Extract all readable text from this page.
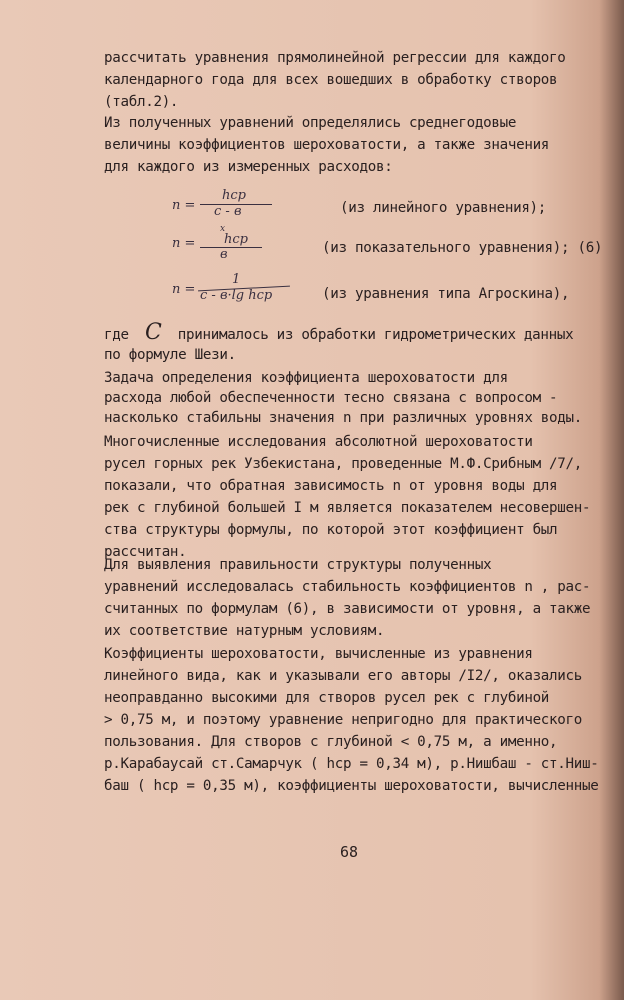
рассчитать уравнения прямолинейной регрессии для каждого
календарного года для всех вошедших в обработку створов
(табл.2).
Из полученных уравнений определялись среднегодовые
величины коэффициентов шероховатости, а также значения
для каждого из измеренных расходов:
n =
hср
с - в	(из линейного уравнения);
n =
x
hср
в	(из показательного уравнения); (6)
n =
1
с - в·lg hср	(из уравнения типа Агроскина),
где C принималось из обработки гидрометрических данных
по формуле Шези.
Задача определения коэффициента шероховатости для
расхода любой обеспеченности тесно связана с вопросом -
насколько стабильны значения n при различных уровнях воды.
Многочисленные исследования абсолютной шероховатости
русел горных рек Узбекистана, проведенные М.Ф.Срибным /7/,
показали, что обратная зависимость n от уровня воды для
рек с глубиной большей I м является показателем несовершен-
ства структуры формулы, по которой этот коэффициент был
рассчитан.
Для выявления правильности структуры полученных
уравнений исследовалась стабильность коэффициентов n , рас-
считанных по формулам (6), в зависимости от уровня, а также
их соответствие натурным условиям.
Коэффициенты шероховатости, вычисленные из уравнения
линейного вида, как и указывали его авторы /I2/, оказались
неоправданно высокими для створов русел рек с глубиной
> 0,75 м, и поэтому уравнение непригодно для практического
пользования. Для створов с глубиной < 0,75 м, а именно,
р.Карабаусай ст.Самарчук ( hср = 0,34 м), р.Нишбаш - ст.Ниш-
баш ( hср = 0,35 м), коэффициенты шероховатости, вычисленные
68
